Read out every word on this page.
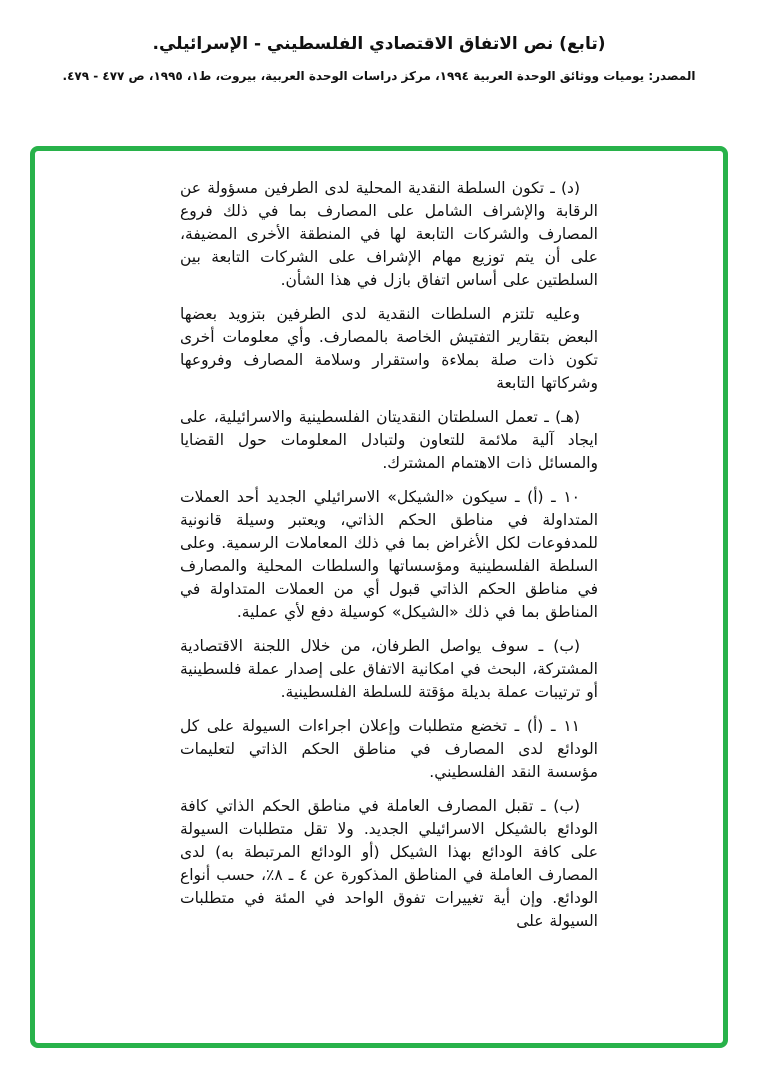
(تابع) نص الاتفاق الاقتصادي الفلسطيني - الإسرائيلي.

المصدر: يوميات ووثائق الوحدة العربية ١٩٩٤، مركز دراسات الوحدة العربية، بيروت، ط١، ١٩٩٥، ص ٤٧٧ - ٤٧٩.

(د) ـ تكون السلطة النقدية المحلية لدى الطرفين مسؤولة عن الرقابة والإشراف الشامل على المصارف بما في ذلك فروع المصارف والشركات التابعة لها في المنطقة الأخرى المضيفة، على أن يتم توزيع مهام الإشراف على الشركات التابعة بين السلطتين على أساس اتفاق بازل في هذا الشأن.

وعليه تلتزم السلطات النقدية لدى الطرفين بتزويد بعضها البعض بتقارير التفتيش الخاصة بالمصارف. وأي معلومات أخرى تكون ذات صلة بملاءة واستقرار وسلامة المصارف وفروعها وشركاتها التابعة

(هـ) ـ تعمل السلطتان النقديتان الفلسطينية والاسرائيلية، على ايجاد آلية ملائمة للتعاون ولتبادل المعلومات حول القضايا والمسائل ذات الاهتمام المشترك.

١٠ ـ (أ) ـ سيكون «الشيكل» الاسرائيلي الجديد أحد العملات المتداولة في مناطق الحكم الذاتي، ويعتبر وسيلة قانونية للمدفوعات لكل الأغراض بما في ذلك المعاملات الرسمية. وعلى السلطة الفلسطينية ومؤسساتها والسلطات المحلية والمصارف في مناطق الحكم الذاتي قبول أي من العملات المتداولة في المناطق بما في ذلك «الشيكل» كوسيلة دفع لأي عملية.

(ب) ـ سوف يواصل الطرفان، من خلال اللجنة الاقتصادية المشتركة، البحث في امكانية الاتفاق على إصدار عملة فلسطينية أو ترتيبات عملة بديلة مؤقتة للسلطة الفلسطينية.

١١ ـ (أ) ـ تخضع متطلبات وإعلان اجراءات السيولة على كل الودائع لدى المصارف في مناطق الحكم الذاتي لتعليمات مؤسسة النقد الفلسطيني.

(ب) ـ تقبل المصارف العاملة في مناطق الحكم الذاتي كافة الودائع بالشيكل الاسرائيلي الجديد. ولا تقل متطلبات السيولة على كافة الودائع بهذا الشيكل (أو الودائع المرتبطة به) لدى المصارف العاملة في المناطق المذكورة عن ٤ ـ ٨٪، حسب أنواع الودائع. وإن أية تغييرات تفوق الواحد في المئة في متطلبات السيولة على
